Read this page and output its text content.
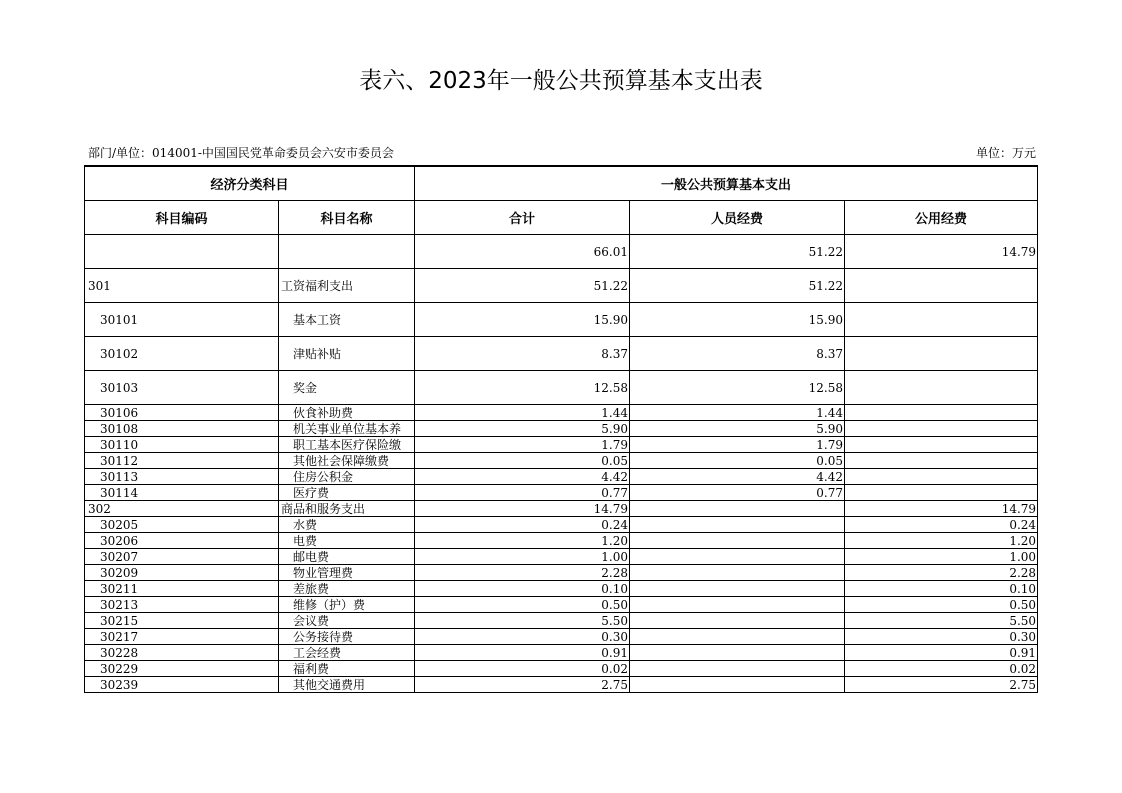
表六、2023年一般公共预算基本支出表
部门/单位：014001-中国国民党革命委员会六安市委员会	单位：万元
经济分类科目		一般公共预算基本支出		
科目编码	科目名称	合计	人员经费	公用经费
		66.01	51.22	14.79
301	工资福利支出	51.22	51.22	
30101	基本工资	15.90	15.90	
30102	津贴补贴	8.37	8.37	
30103	奖金	12.58	12.58	
30106	伙食补助费	1.44	1.44	
30108	机关事业单位基本养	5.90	5.90	
30110	职工基本医疗保险缴	1.79	1.79	
30112	其他社会保障缴费	0.05	0.05	
30113	住房公积金	4.42	4.42	
30114	医疗费	0.77	0.77	
302	商品和服务支出	14.79		14.79
30205	水费	0.24		0.24
30206	电费	1.20		1.20
30207	邮电费	1.00		1.00
30209	物业管理费	2.28		2.28
30211	差旅费	0.10		0.10
30213	维修（护）费	0.50		0.50
30215	会议费	5.50		5.50
30217	公务接待费	0.30		0.30
30228	工会经费	0.91		0.91
30229	福利费	0.02		0.02
30239	其他交通费用	2.75		2.75
